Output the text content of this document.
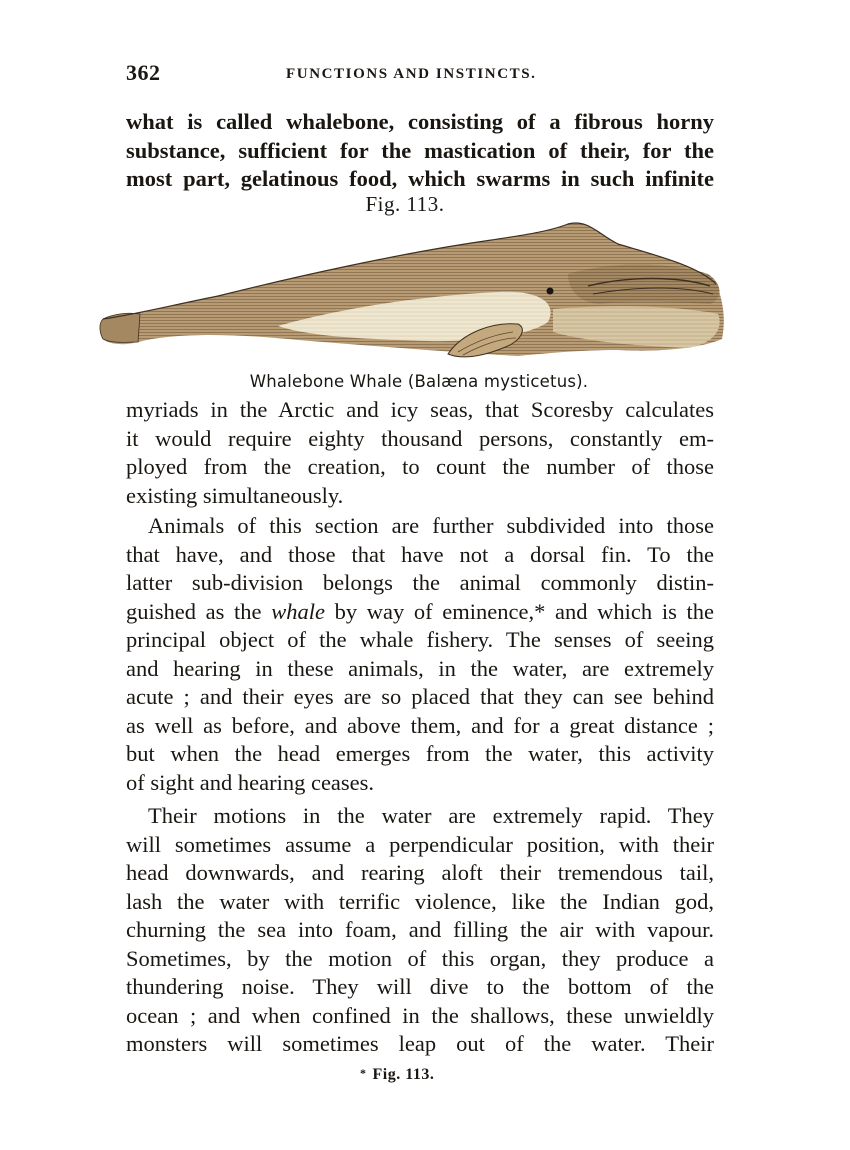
362	FUNCTIONS AND INSTINCTS.
what is called whalebone, consisting of a fibrous horny
substance, sufficient for the mastication of their, for the
most part, gelatinous food, which swarms in such infinite
Fig. 113.
Whalebone Whale (Balæna mysticetus).
myriads in the Arctic and icy seas, that Scoresby calculates
it would require eighty thousand persons, constantly em-
ployed from the creation, to count the number of those
existing simultaneously.
Animals of this section are further subdivided into those
that have, and those that have not a dorsal fin. To the
latter sub-division belongs the animal commonly distin-
guished as the whale by way of eminence,* and which is the
principal object of the whale fishery. The senses of seeing
and hearing in these animals, in the water, are extremely
acute ; and their eyes are so placed that they can see behind
as well as before, and above them, and for a great distance ;
but when the head emerges from the water, this activity
of sight and hearing ceases.
Their motions in the water are extremely rapid. They
will sometimes assume a perpendicular position, with their
head downwards, and rearing aloft their tremendous tail,
lash the water with terrific violence, like the Indian god,
churning the sea into foam, and filling the air with vapour.
Sometimes, by the motion of this organ, they produce a
thundering noise. They will dive to the bottom of the
ocean ; and when confined in the shallows, these unwieldly
monsters will sometimes leap out of the water. Their
* Fig. 113.
